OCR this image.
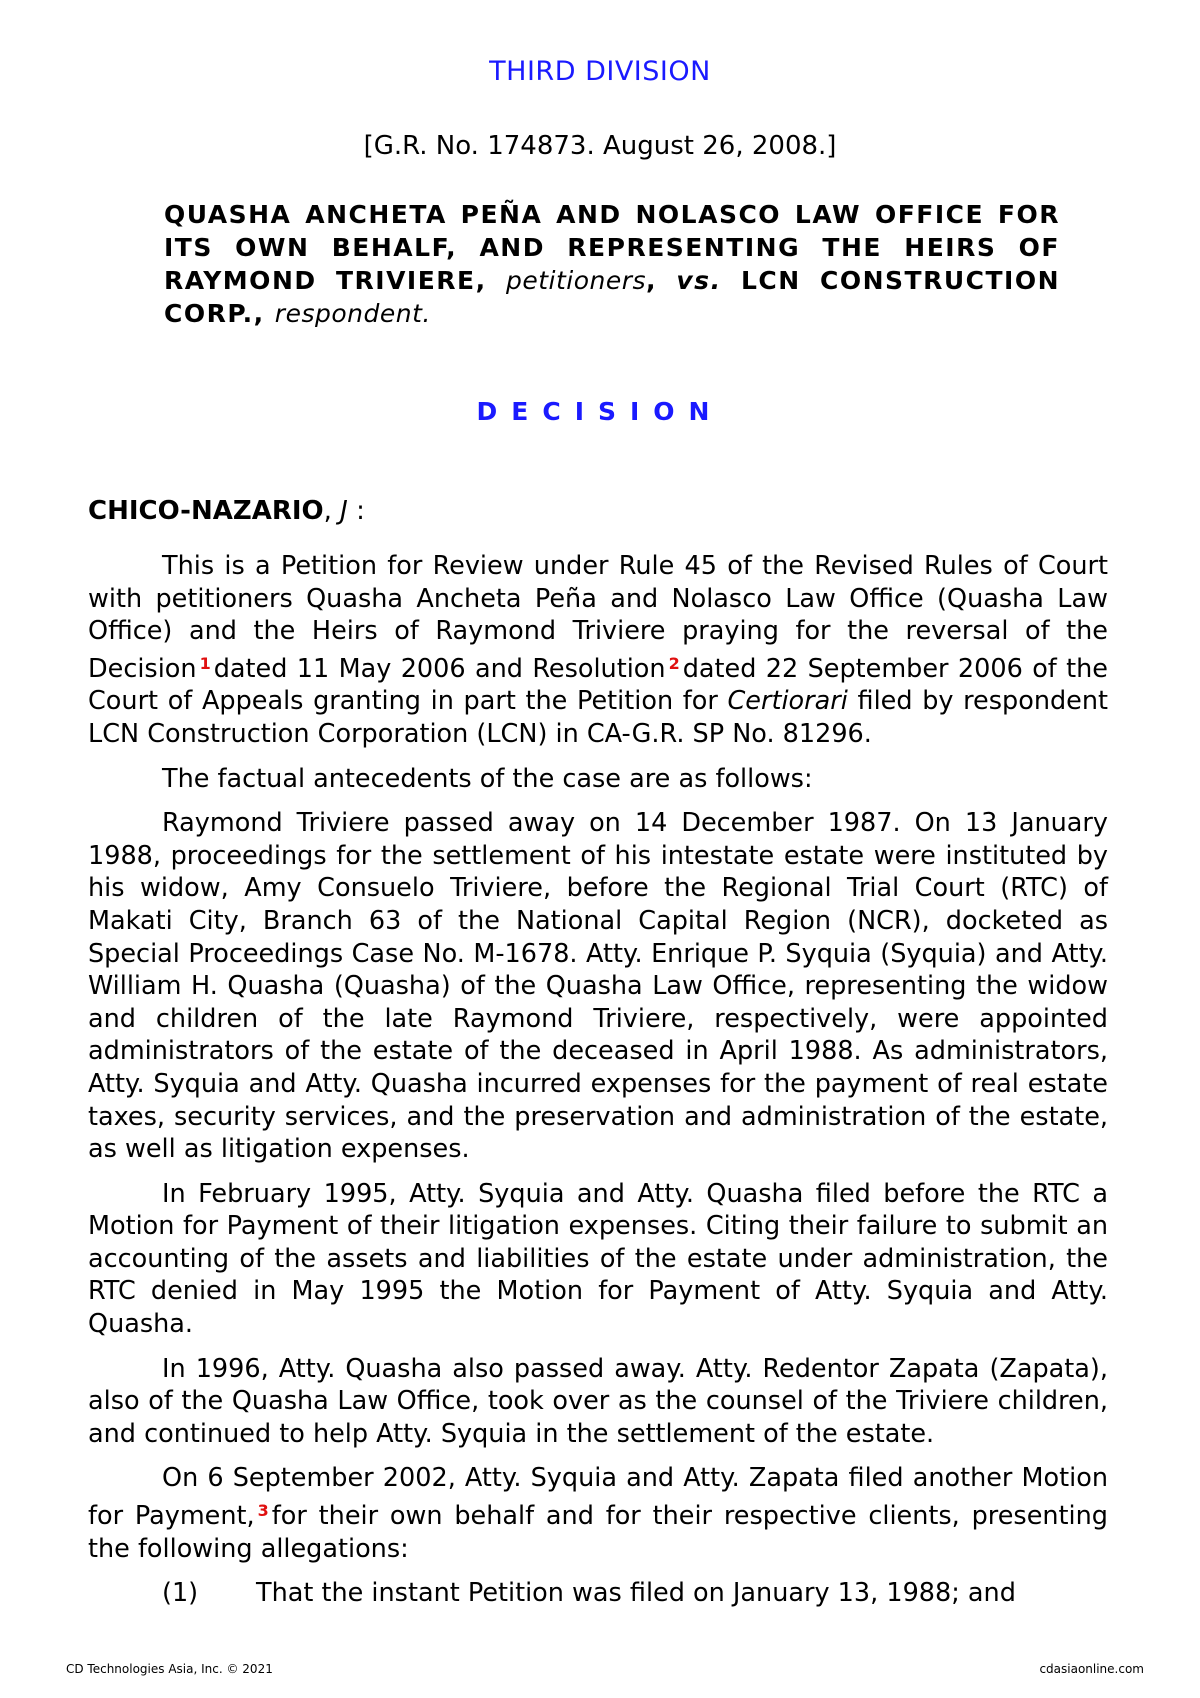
THIRD DIVISION
[G.R. No. 174873. August 26, 2008.]
QUASHA ANCHETA PEÑA AND NOLASCO LAW OFFICE FOR ITS OWN BEHALF, AND REPRESENTING THE HEIRS OF RAYMOND TRIVIERE, petitioners, vs. LCN CONSTRUCTION CORP., respondent.
DECISION
CHICO-NAZARIO, J :

This is a Petition for Review under Rule 45 of the Revised Rules of Court with petitioners Quasha Ancheta Peña and Nolasco Law Office (Quasha Law Office) and the Heirs of Raymond Triviere praying for the reversal of the Decision $^1$ dated 11 May 2006 and Resolution $^2$ dated 22 September 2006 of the Court of Appeals granting in part the Petition for Certiorari filed by respondent LCN Construction Corporation (LCN) in CA-G.R. SP No. 81296.

The factual antecedents of the case are as follows:

Raymond Triviere passed away on 14 December 1987. On 13 January 1988, proceedings for the settlement of his intestate estate were instituted by his widow, Amy Consuelo Triviere, before the Regional Trial Court (RTC) of Makati City, Branch 63 of the National Capital Region (NCR), docketed as Special Proceedings Case No. M-1678. Atty. Enrique P. Syquia (Syquia) and Atty. William H. Quasha (Quasha) of the Quasha Law Office, representing the widow and children of the late Raymond Triviere, respectively, were appointed administrators of the estate of the deceased in April 1988. As administrators, Atty. Syquia and Atty. Quasha incurred expenses for the payment of real estate taxes, security services, and the preservation and administration of the estate, as well as litigation expenses.

In February 1995, Atty. Syquia and Atty. Quasha filed before the RTC a Motion for Payment of their litigation expenses. Citing their failure to submit an accounting of the assets and liabilities of the estate under administration, the RTC denied in May 1995 the Motion for Payment of Atty. Syquia and Atty. Quasha.

In 1996, Atty. Quasha also passed away. Atty. Redentor Zapata (Zapata), also of the Quasha Law Office, took over as the counsel of the Triviere children, and continued to help Atty. Syquia in the settlement of the estate.

On 6 September 2002, Atty. Syquia and Atty. Zapata filed another Motion for Payment, $^3$ for their own behalf and for their respective clients, presenting the following allegations:

(1) That the instant Petition was filed on January 13, 1988; and
CD Technologies Asia, Inc. © 2021	cdasiaonline.com
